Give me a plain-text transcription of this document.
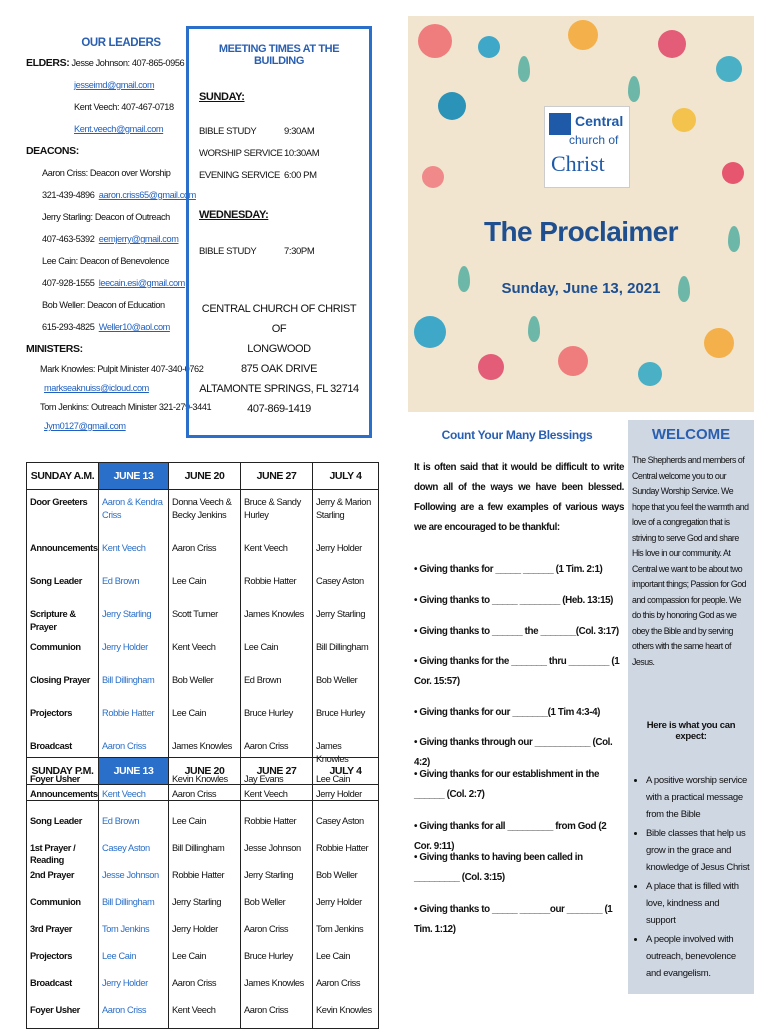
OUR LEADERS
ELDERS: Jesse Johnson: 407-865-0956
jesseimd@gmail.com
Kent Veech: 407-467-0718
Kent.veech@gmail.com
DEACONS:
Aaron Criss: Deacon over Worship
321-439-4896 aaron.criss65@gmail.com
Jerry Starling: Deacon of Outreach
407-463-5392 eemjerry@gmail.com
Lee Cain: Deacon of Benevolence
407-928-1555 leecain.esi@gmail.com
Bob Weller: Deacon of Education
615-293-4825 Weller10@aol.com
MINISTERS:
Mark Knowles: Pulpit Minister 407-340-0762
markseaknuiss@icloud.com
Tom Jenkins: Outreach Minister 321-279-3441
Jym0127@gmail.com
MEETING TIMES AT THE BUILDING
SUNDAY:
BIBLE STUDY	9:30AM
WORSHIP SERVICE 10:30AM
EVENING SERVICE 6:00 PM
WEDNESDAY:
BIBLE STUDY	7:30PM
CENTRAL CHURCH OF CHRIST OF
LONGWOOD
875 OAK DRIVE
ALTAMONTE SPRINGS, FL 32714
407-869-1419
Central
church of
Christ
The Proclaimer
Sunday, June 13, 2021
Count Your Many Blessings
It is often said that it would be difficult to write down all of the ways we have been blessed. Following are a few examples of various ways we are encouraged to be thankful:
• Giving thanks for _____ ______ (1 Tim. 2:1)
• Giving thanks to _____ ________ (Heb. 13:15)
• Giving thanks to ______ the _______(Col. 3:17)
• Giving thanks for the _______ thru ________ (1 Cor. 15:57)
• Giving thanks for our _______(1 Tim 4:3-4)
• Giving thanks through our ___________ (Col. 4:2)
• Giving thanks for our establishment in the ______ (Col. 2:7)
• Giving thanks for all _________ from God (2 Cor. 9:11)
• Giving thanks to having been called in _________ (Col. 3:15)
• Giving thanks to _____ ______our _______ (1 Tim. 1:12)
WELCOME
The Shepherds and members of Central welcome you to our Sunday Worship Service. We hope that you feel the warmth and love of a congregation that is striving to serve God and share His love in our community. At Central we want to be about two important things; Passion for God and compassion for people. We do this by honoring God as we obey the Bible and by serving others with the same heart of Jesus.
Here is what you can expect:
• A positive worship service with a practical message from the Bible
• Bible classes that help us grow in the grace and knowledge of Jesus Christ
• A place that is filled with love, kindness and support
• A people involved with outreach, benevolence and evangelism.
SUNDAY A.M.	JUNE 13	JUNE 20	JUNE 27	JULY 4
Door Greeters	Aaron & Kendra Criss	Donna Veech & Becky Jenkins	Bruce & Sandy Hurley	Jerry & Marion Starling
Announcements	Kent Veech	Aaron Criss	Kent Veech	Jerry Holder
Song Leader	Ed Brown	Lee Cain	Robbie Hatter	Casey Aston
Scripture & Prayer	Jerry Starling	Scott Turner	James Knowles	Jerry Starling
Communion	Jerry Holder	Kent Veech	Lee Cain	Bill Dillingham
Closing Prayer	Bill Dillingham	Bob Weller	Ed Brown	Bob Weller
Projectors	Robbie Hatter	Lee Cain	Bruce Hurley	Bruce Hurley
Broadcast	Aaron Criss	James Knowles	Aaron Criss	James Knowles
Foyer Usher		Kevin Knowles	Jay Evans	Lee Cain
SUNDAY P.M.	JUNE 13	JUNE 20	JUNE 27	JULY 4
Announcements	Kent Veech	Aaron Criss	Kent Veech	Jerry Holder
Song Leader	Ed Brown	Lee Cain	Robbie Hatter	Casey Aston
1st Prayer / Reading	Casey Aston	Bill Dillingham	Jesse Johnson	Robbie Hatter
2nd Prayer	Jesse Johnson	Robbie Hatter	Jerry Starling	Bob Weller
Communion	Bill Dillingham	Jerry Starling	Bob Weller	Jerry Holder
3rd Prayer	Tom Jenkins	Jerry Holder	Aaron Criss	Tom Jenkins
Projectors	Lee Cain	Lee Cain	Bruce Hurley	Lee Cain
Broadcast	Jerry Holder	Aaron Criss	James Knowles	Aaron Criss
Foyer Usher	Aaron Criss	Kent Veech	Aaron Criss	Kevin Knowles
